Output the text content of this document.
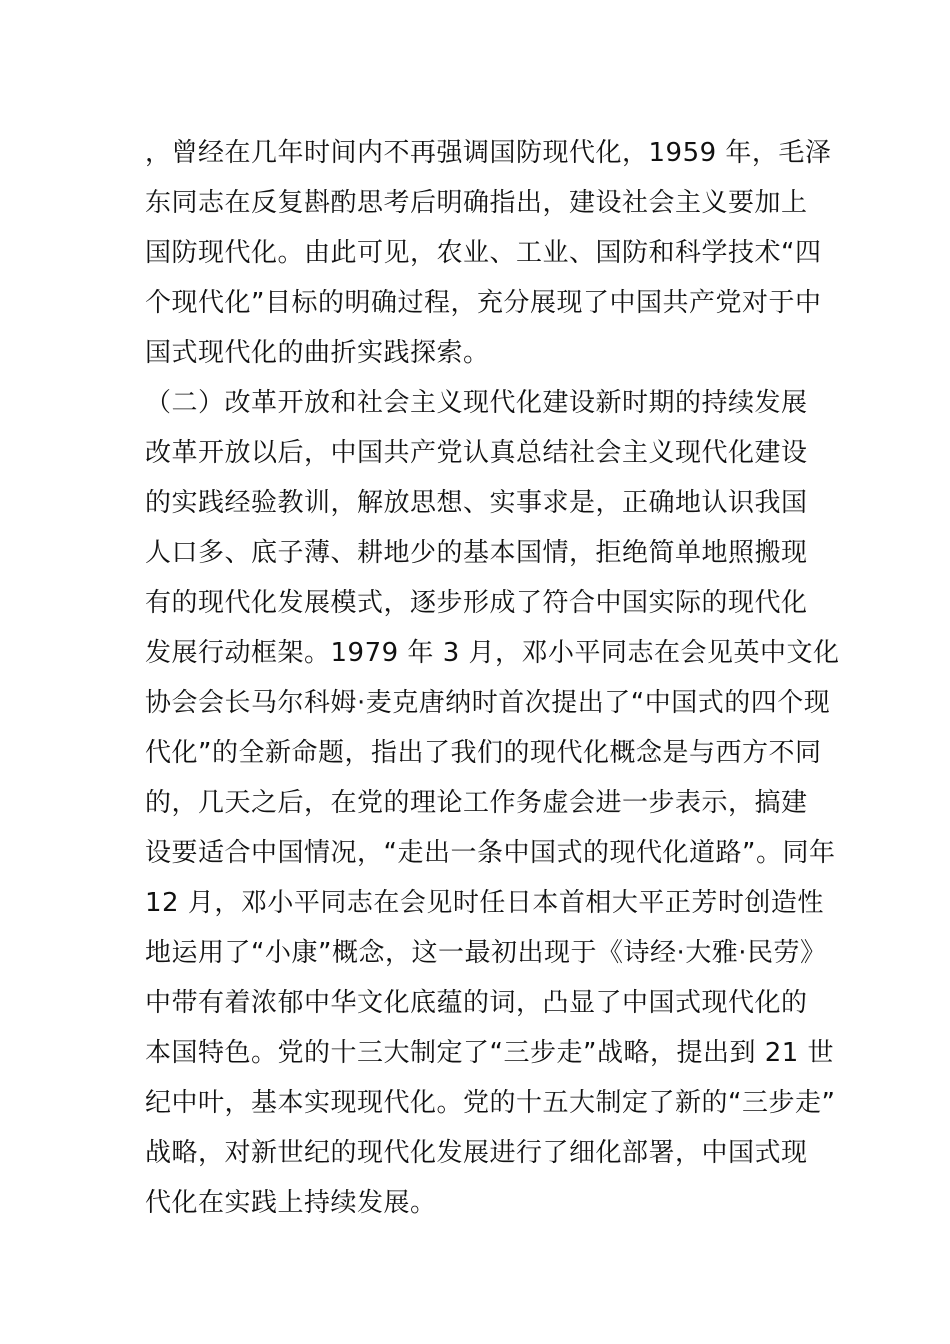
，曾经在几年时间内不再强调国防现代化，1959 年，毛泽
东同志在反复斟酌思考后明确指出，建设社会主义要加上
国防现代化。由此可见，农业、工业、国防和科学技术“四
个现代化”目标的明确过程，充分展现了中国共产党对于中
国式现代化的曲折实践探索。
（二）改革开放和社会主义现代化建设新时期的持续发展
改革开放以后，中国共产党认真总结社会主义现代化建设
的实践经验教训，解放思想、实事求是，正确地认识我国
人口多、底子薄、耕地少的基本国情，拒绝简单地照搬现
有的现代化发展模式，逐步形成了符合中国实际的现代化
发展行动框架。1979 年 3 月，邓小平同志在会见英中文化
协会会长马尔科姆·麦克唐纳时首次提出了“中国式的四个现
代化”的全新命题，指出了我们的现代化概念是与西方不同
的，几天之后，在党的理论工作务虚会进一步表示，搞建
设要适合中国情况，“走出一条中国式的现代化道路”。同年
12 月，邓小平同志在会见时任日本首相大平正芳时创造性
地运用了“小康”概念，这一最初出现于《诗经·大雅·民劳》
中带有着浓郁中华文化底蕴的词，凸显了中国式现代化的
本国特色。党的十三大制定了“三步走”战略，提出到 21 世
纪中叶，基本实现现代化。党的十五大制定了新的“三步走”
战略，对新世纪的现代化发展进行了细化部署，中国式现
代化在实践上持续发展。
